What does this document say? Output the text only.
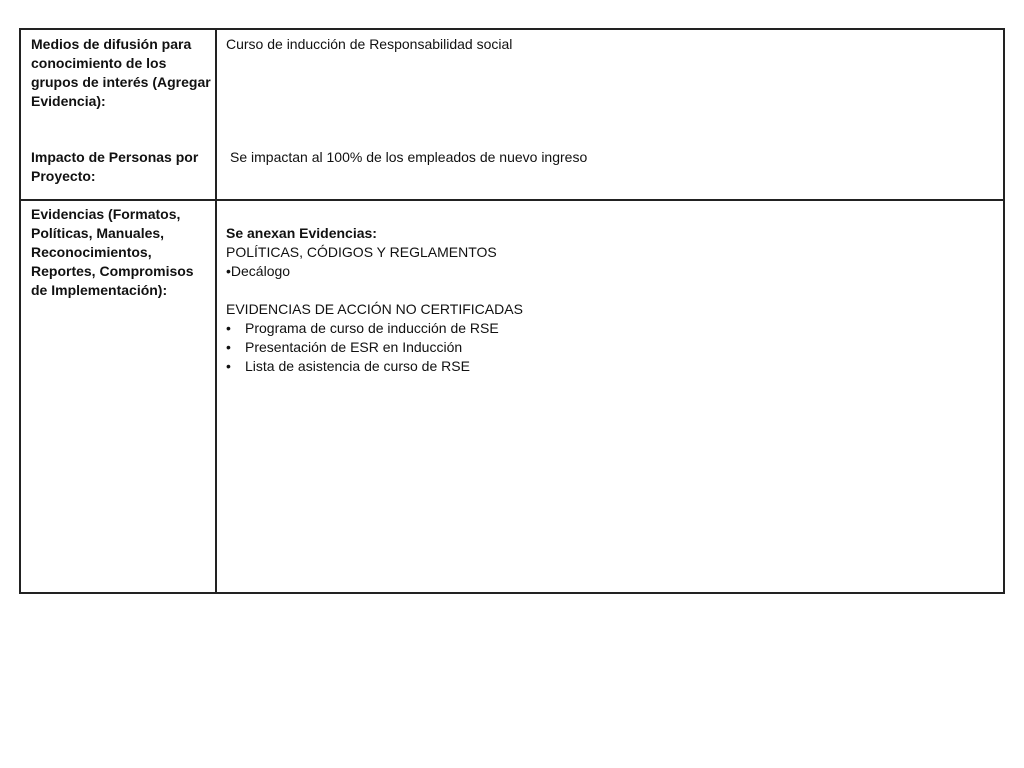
Medios de difusión para conocimiento de los grupos de interés (Agregar Evidencia):
Curso de inducción de Responsabilidad social
Impacto de Personas por Proyecto:
Se impactan al 100% de los empleados de nuevo ingreso
Evidencias (Formatos, Políticas, Manuales, Reconocimientos, Reportes, Compromisos de Implementación):
Se anexan Evidencias:
POLÍTICAS, CÓDIGOS Y REGLAMENTOS
•Decálogo
EVIDENCIAS DE ACCIÓN NO CERTIFICADAS
• Programa de curso de inducción de RSE
• Presentación de ESR en Inducción
• Lista de asistencia de curso de RSE
